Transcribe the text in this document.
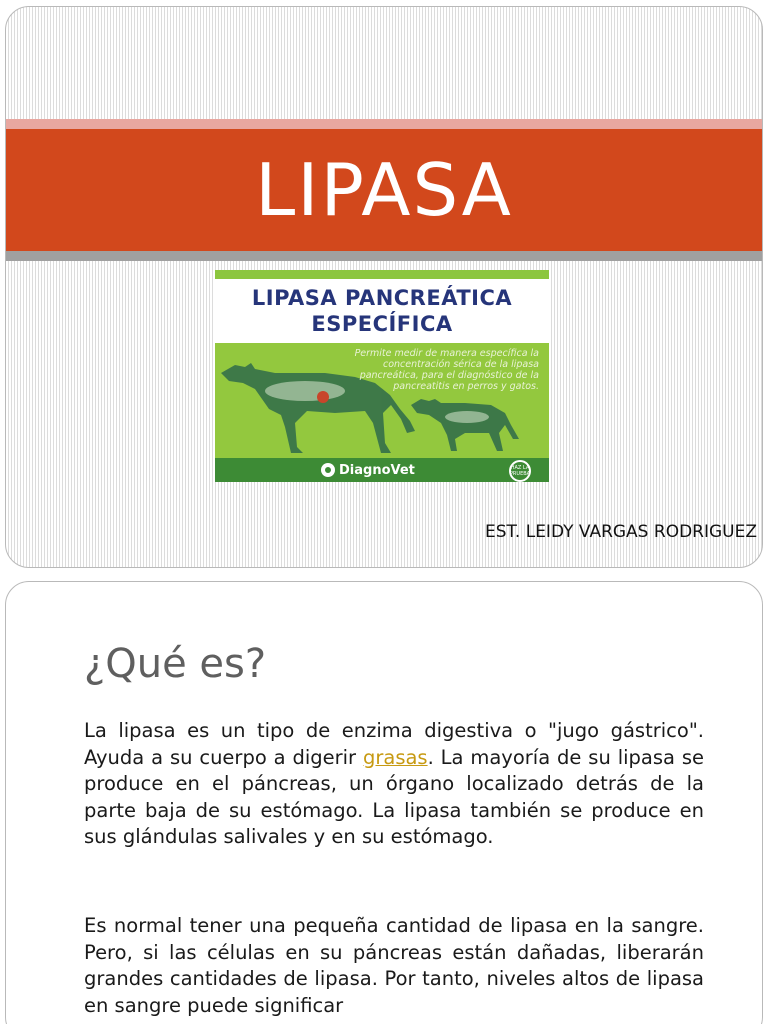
LIPASA
LIPASA PANCREÁTICA
ESPECÍFICA
Permite medir de manera específica la concentración sérica de la lipasa pancreática, para el diagnóstico de la pancreatitis en perros y gatos.
DiagnoVet	HAZ LA PRUEBA
EST. LEIDY VARGAS RODRIGUEZ
¿Qué es?

La lipasa es un tipo de enzima digestiva o "jugo gástrico". Ayuda a su cuerpo a digerir grasas. La mayoría de su lipasa se produce en el páncreas, un órgano localizado detrás de la parte baja de su estómago. La lipasa también se produce en sus glándulas salivales y en su estómago.

Es normal tener una pequeña cantidad de lipasa en la sangre. Pero, si las células en su páncreas están dañadas, liberarán grandes cantidades de lipasa. Por tanto, niveles altos de lipasa en sangre puede significar
